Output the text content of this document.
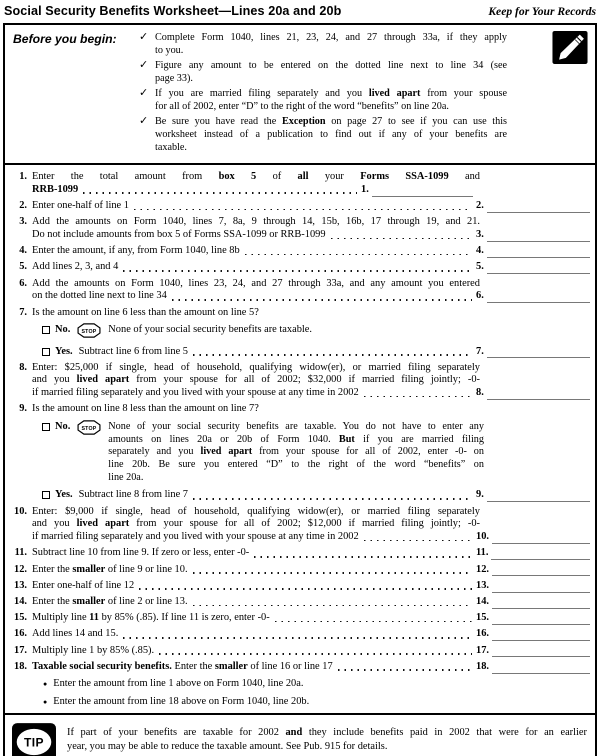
Social Security Benefits Worksheet—Lines 20a and 20b	Keep for Your Records
Before you begin:	✓ Complete Form 1040, lines 21, 23, 24, and 27 through 33a, if they apply
to you.
✓ Figure any amount to be entered on the dotted line next to line 34 (see
page 33).
✓ If you are married filing separately and you lived apart from your spouse
for all of 2002, enter “D” to the right of the word “benefits” on line 20a.
✓ Be sure you have read the Exception on page 27 to see if you can use this
worksheet instead of a publication to find out if any of your benefits are
taxable.
1. Enter the total amount from box 5 of all your Forms SSA-1099 and
RRB-1099	1.
2. Enter one-half of line 1	2.
3. Add the amounts on Form 1040, lines 7, 8a, 9 through 14, 15b, 16b, 17 through 19, and 21.
Do not include amounts from box 5 of Forms SSA-1099 or RRB-1099	3.
4. Enter the amount, if any, from Form 1040, line 8b	4.
5. Add lines 2, 3, and 4	5.
6. Add the amounts on Form 1040, lines 23, 24, and 27 through 33a, and any amount you entered
on the dotted line next to line 34	6.
7. Is the amount on line 6 less than the amount on line 5?
No. STOP None of your social security benefits are taxable.
Yes. Subtract line 6 from line 5	7.
8. Enter: $25,000 if single, head of household, qualifying widow(er), or married filing separately
and you lived apart from your spouse for all of 2002; $32,000 if married filing jointly; -0-
if married filing separately and you lived with your spouse at any time in 2002	8.
9. Is the amount on line 8 less than the amount on line 7?
No. STOP None of your social security benefits are taxable. You do not have to enter any
amounts on lines 20a or 20b of Form 1040. But if you are married filing
separately and you lived apart from your spouse for all of 2002, enter -0- on
line 20b. Be sure you entered “D” to the right of the word “benefits” on
line 20a.
Yes. Subtract line 8 from line 7	9.
10. Enter: $9,000 if single, head of household, qualifying widow(er), or married filing separately
and you lived apart from your spouse for all of 2002; $12,000 if married filing jointly; -0-
if married filing separately and you lived with your spouse at any time in 2002	10.
11. Subtract line 10 from line 9. If zero or less, enter -0-	11.
12. Enter the smaller of line 9 or line 10.	12.
13. Enter one-half of line 12	13.
14. Enter the smaller of line 2 or line 13.	14.
15. Multiply line 11 by 85% (.85). If line 11 is zero, enter -0-	15.
16. Add lines 14 and 15.	16.
17. Multiply line 1 by 85% (.85).	17.
18. Taxable social security benefits. Enter the smaller of line 16 or line 17	18.
● Enter the amount from line 1 above on Form 1040, line 20a.
● Enter the amount from line 18 above on Form 1040, line 20b.
TIP
If part of your benefits are taxable for 2002 and they include benefits paid in 2002 that were for an earlier
year, you may be able to reduce the taxable amount. See Pub. 915 for details.
